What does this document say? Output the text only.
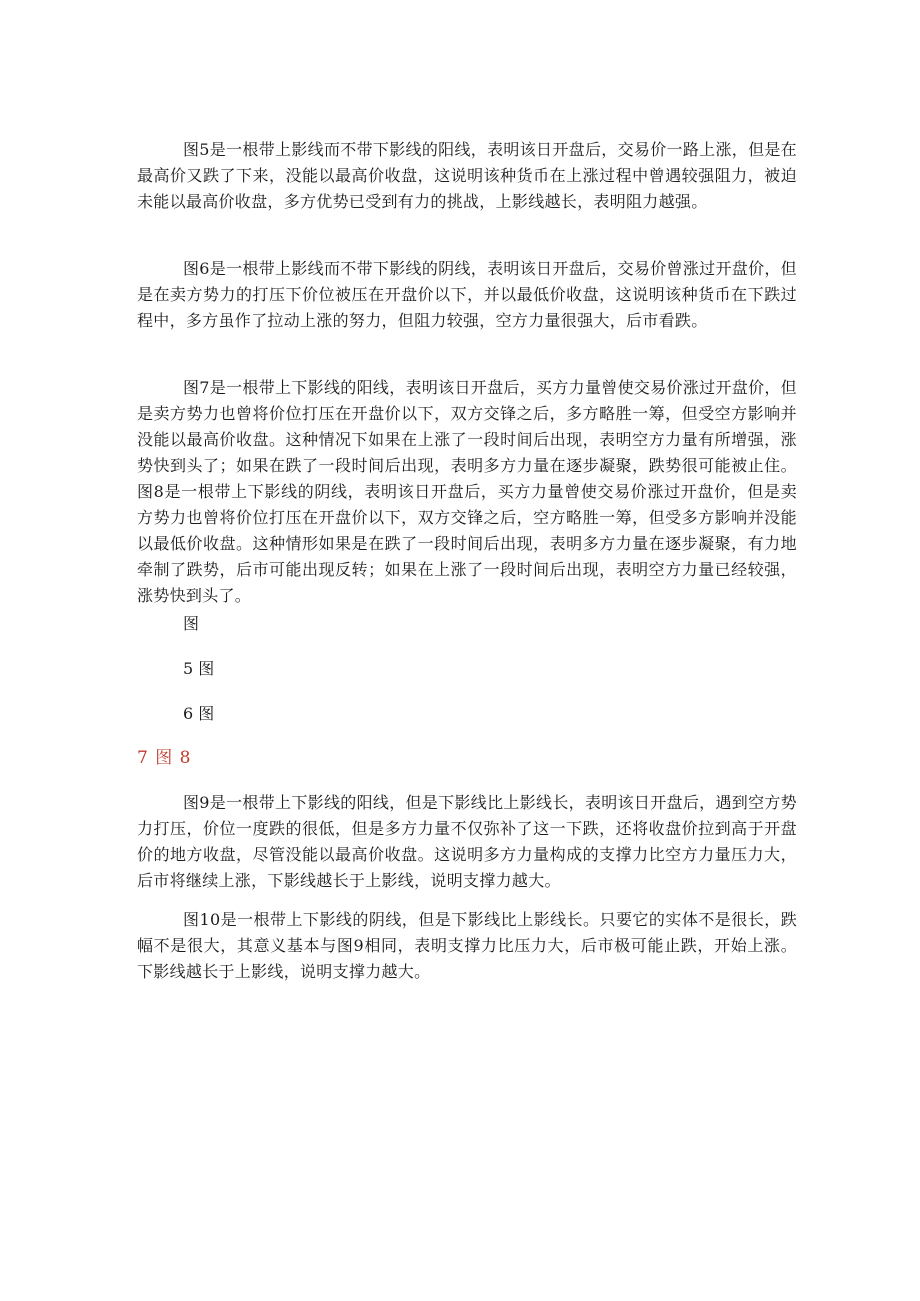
图5是一根带上影线而不带下影线的阳线，表明该日开盘后，交易价一路上涨，但是在最高价又跌了下来，没能以最高价收盘，这说明该种货币在上涨过程中曾遇较强阻力，被迫未能以最高价收盘，多方优势已受到有力的挑战，上影线越长，表明阻力越强。

图6是一根带上影线而不带下影线的阴线，表明该日开盘后，交易价曾涨过开盘价，但是在卖方势力的打压下价位被压在开盘价以下，并以最低价收盘，这说明该种货币在下跌过程中，多方虽作了拉动上涨的努力，但阻力较强，空方力量很强大，后市看跌。

图7是一根带上下影线的阳线，表明该日开盘后，买方力量曾使交易价涨过开盘价，但是卖方势力也曾将价位打压在开盘价以下，双方交锋之后，多方略胜一筹，但受空方影响并没能以最高价收盘。这种情况下如果在上涨了一段时间后出现，表明空方力量有所增强，涨势快到头了；如果在跌了一段时间后出现，表明多方力量在逐步凝聚，跌势很可能被止住。图8是一根带上下影线的阴线，表明该日开盘后，买方力量曾使交易价涨过开盘价，但是卖方势力也曾将价位打压在开盘价以下，双方交锋之后，空方略胜一筹，但受多方影响并没能以最低价收盘。这种情形如果是在跌了一段时间后出现，表明多方力量在逐步凝聚，有力地牵制了跌势，后市可能出现反转；如果在上涨了一段时间后出现，表明空方力量已经较强，涨势快到头了。

图

5 图

6 图

7 图 8

图9是一根带上下影线的阳线，但是下影线比上影线长，表明该日开盘后，遇到空方势力打压，价位一度跌的很低，但是多方力量不仅弥补了这一下跌，还将收盘价拉到高于开盘价的地方收盘，尽管没能以最高价收盘。这说明多方力量构成的支撑力比空方力量压力大，后市将继续上涨，下影线越长于上影线，说明支撑力越大。

图10是一根带上下影线的阴线，但是下影线比上影线长。只要它的实体不是很长，跌幅不是很大，其意义基本与图9相同，表明支撑力比压力大，后市极可能止跌，开始上涨。下影线越长于上影线，说明支撑力越大。
